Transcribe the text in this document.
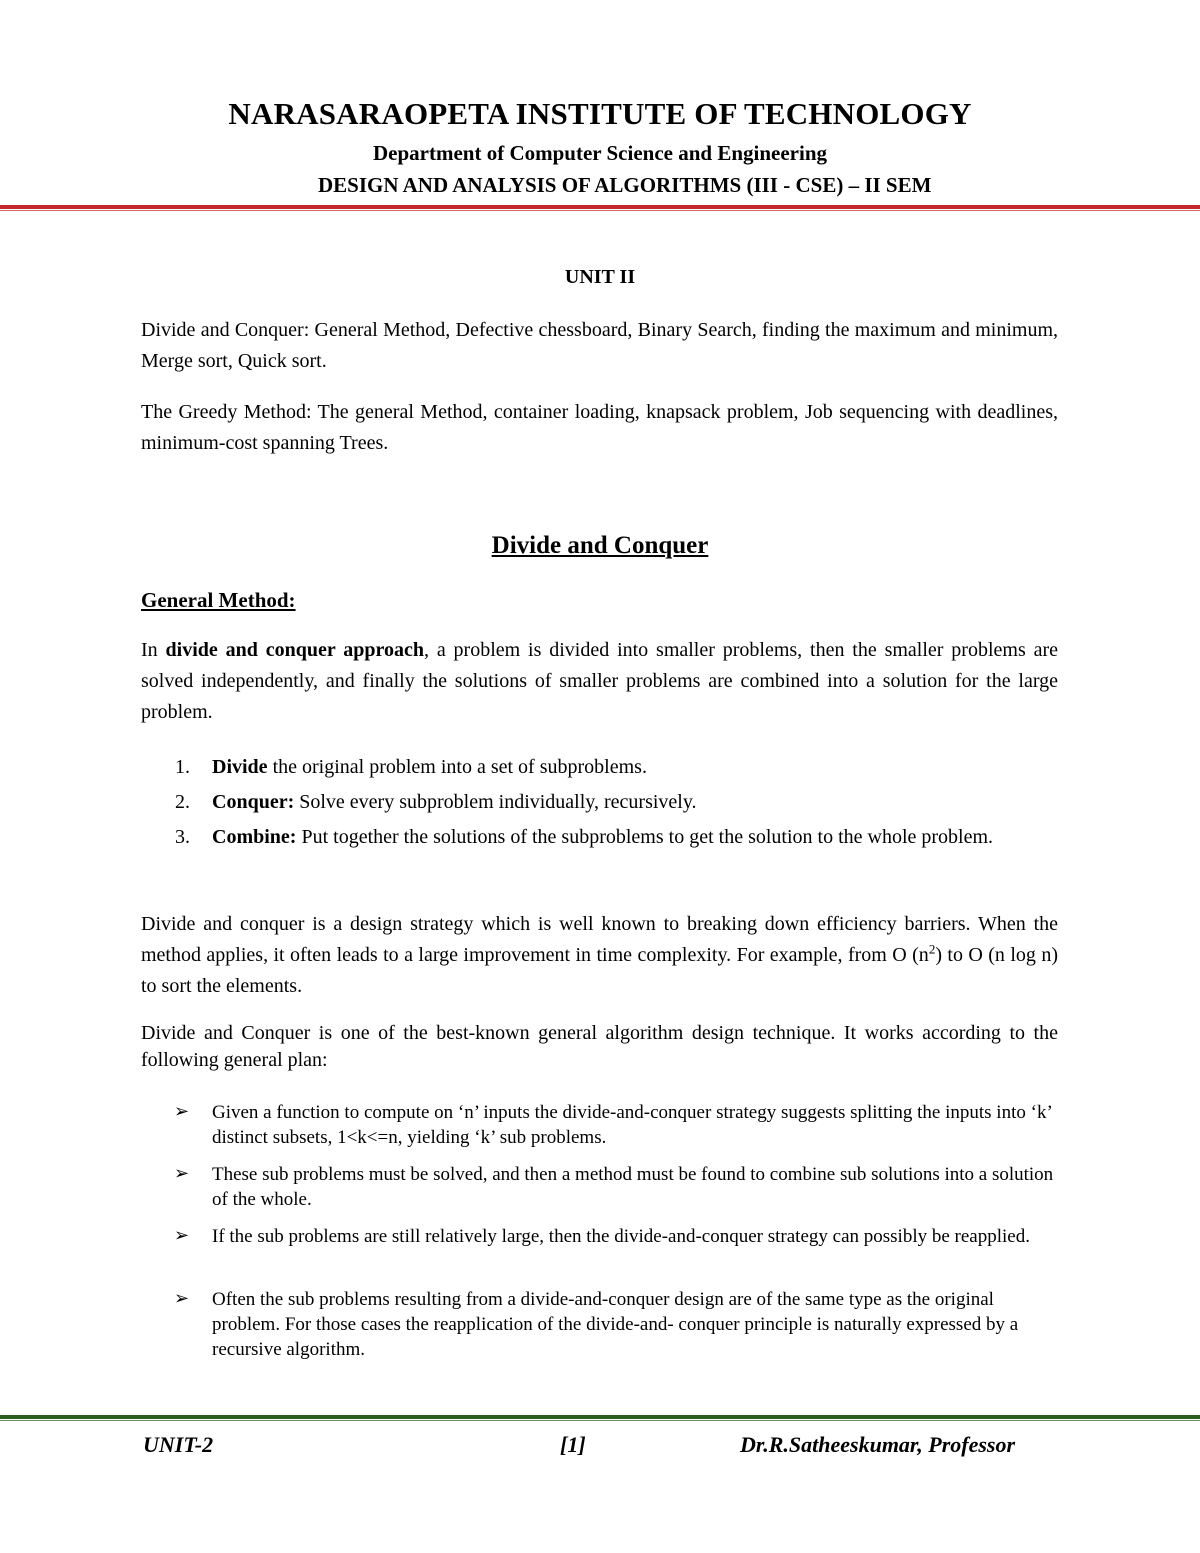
NARASARAOPETA INSTITUTE OF TECHNOLOGY
Department of Computer Science and Engineering
DESIGN AND ANALYSIS OF ALGORITHMS (III - CSE) – II SEM
UNIT II
Divide and Conquer: General Method, Defective chessboard, Binary Search, finding the maximum and minimum, Merge sort, Quick sort.
The Greedy Method: The general Method, container loading, knapsack problem, Job sequencing with deadlines, minimum-cost spanning Trees.
Divide and Conquer
General Method:
In divide and conquer approach, a problem is divided into smaller problems, then the smaller problems are solved independently, and finally the solutions of smaller problems are combined into a solution for the large problem.
1. Divide the original problem into a set of subproblems.
2. Conquer: Solve every subproblem individually, recursively.
3. Combine: Put together the solutions of the subproblems to get the solution to the whole problem.
Divide and conquer is a design strategy which is well known to breaking down efficiency barriers. When the method applies, it often leads to a large improvement in time complexity. For example, from O $(n^2)$ to O (n log n) to sort the elements.
Divide and Conquer is one of the best-known general algorithm design technique. It works according to the following general plan:
➢ Given a function to compute on ‘n’ inputs the divide-and-conquer strategy suggests splitting the inputs into ‘k’ distinct subsets, 1<k<=n, yielding ‘k’ sub problems.
➢ These sub problems must be solved, and then a method must be found to combine sub solutions into a solution of the whole.
➢ If the sub problems are still relatively large, then the divide-and-conquer strategy can possibly be reapplied.
➢ Often the sub problems resulting from a divide-and-conquer design are of the same type as the original problem. For those cases the reapplication of the divide-and- conquer principle is naturally expressed by a recursive algorithm.
UNIT-2	[1]	Dr.R.Satheeskumar, Professor
